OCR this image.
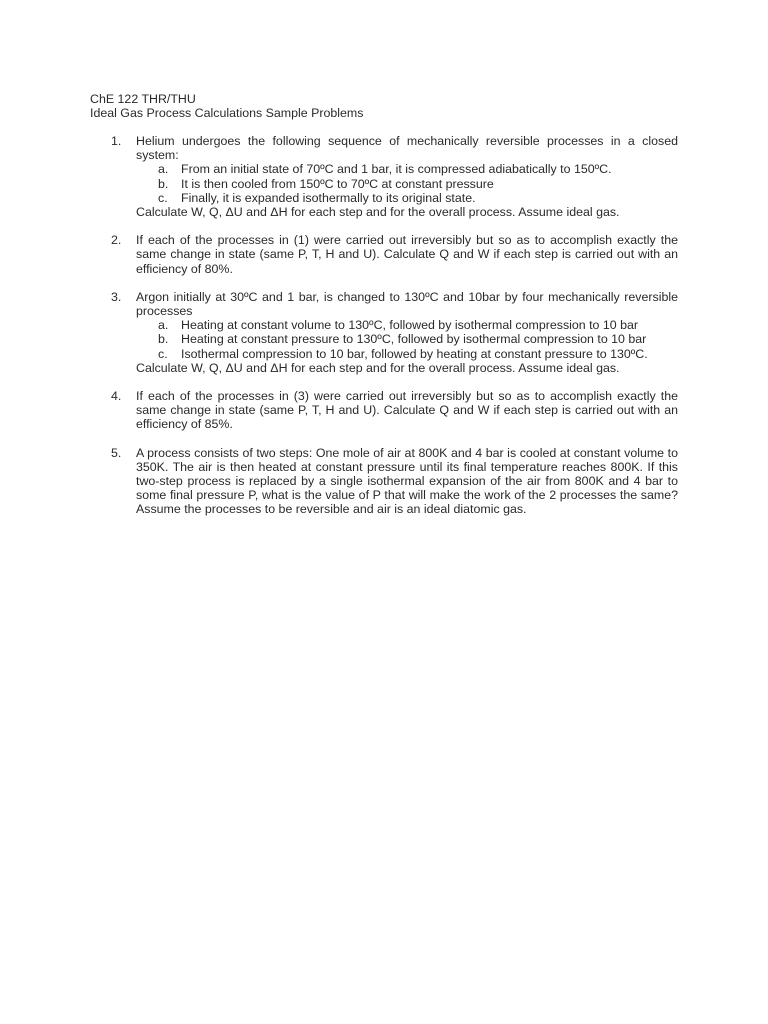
ChE 122 THR/THU
Ideal Gas Process Calculations Sample Problems
1. Helium undergoes the following sequence of mechanically reversible processes in a closed system:
a. From an initial state of 70ºC and 1 bar, it is compressed adiabatically to 150ºC.
b. It is then cooled from 150ºC to 70ºC at constant pressure
c. Finally, it is expanded isothermally to its original state.
Calculate W, Q, ΔU and ΔH for each step and for the overall process. Assume ideal gas.
2. If each of the processes in (1) were carried out irreversibly but so as to accomplish exactly the same change in state (same P, T, H and U). Calculate Q and W if each step is carried out with an efficiency of 80%.
3. Argon initially at 30ºC and 1 bar, is changed to 130ºC and 10bar by four mechanically reversible processes
a. Heating at constant volume to 130ºC, followed by isothermal compression to 10 bar
b. Heating at constant pressure to 130ºC, followed by isothermal compression to 10 bar
c. Isothermal compression to 10 bar, followed by heating at constant pressure to 130ºC.
Calculate W, Q, ΔU and ΔH for each step and for the overall process. Assume ideal gas.
4. If each of the processes in (3) were carried out irreversibly but so as to accomplish exactly the same change in state (same P, T, H and U). Calculate Q and W if each step is carried out with an efficiency of 85%.
5. A process consists of two steps: One mole of air at 800K and 4 bar is cooled at constant volume to 350K. The air is then heated at constant pressure until its final temperature reaches 800K. If this two-step process is replaced by a single isothermal expansion of the air from 800K and 4 bar to some final pressure P, what is the value of P that will make the work of the 2 processes the same? Assume the processes to be reversible and air is an ideal diatomic gas.
